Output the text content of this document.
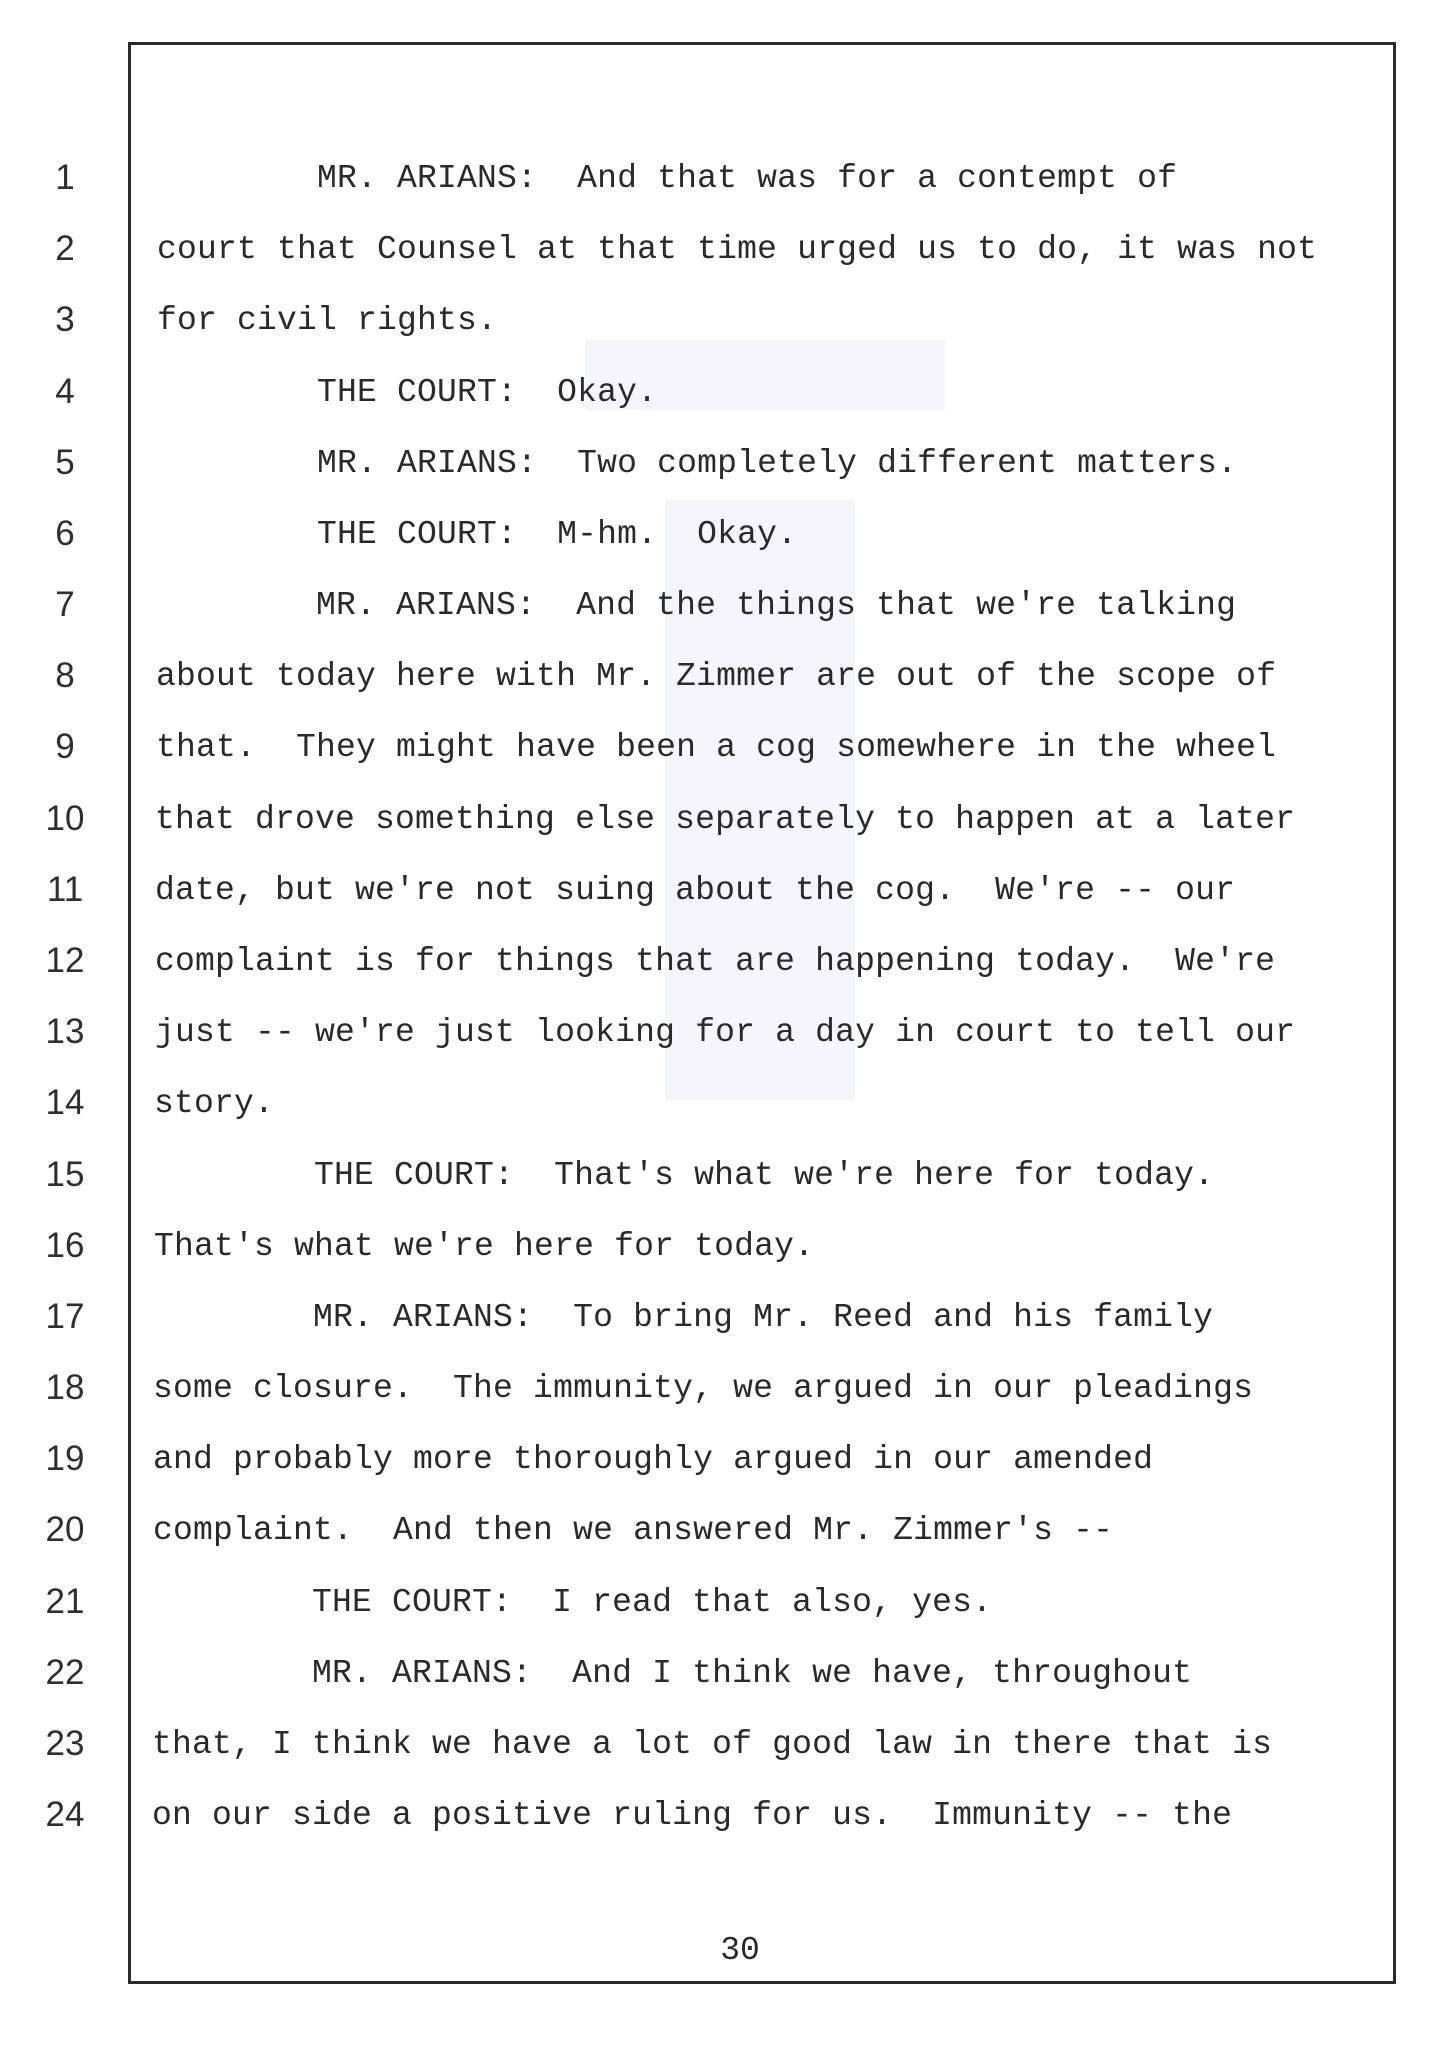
1
2
3
4
5
6
7
8
9
10
11
12
13
14
15
16
17
18
19
20
21
22
23
24
MR. ARIANS:  And that was for a contempt of
court that Counsel at that time urged us to do, it was not
for civil rights.
THE COURT:  Okay.
MR. ARIANS:  Two completely different matters.
THE COURT:  M-hm.  Okay.
MR. ARIANS:  And the things that we're talking
about today here with Mr. Zimmer are out of the scope of
that.  They might have been a cog somewhere in the wheel
that drove something else separately to happen at a later
date, but we're not suing about the cog.  We're -- our
complaint is for things that are happening today.  We're
just -- we're just looking for a day in court to tell our
story.
THE COURT:  That's what we're here for today.
That's what we're here for today.
MR. ARIANS:  To bring Mr. Reed and his family
some closure.  The immunity, we argued in our pleadings
and probably more thoroughly argued in our amended
complaint.  And then we answered Mr. Zimmer's --
THE COURT:  I read that also, yes.
MR. ARIANS:  And I think we have, throughout
that, I think we have a lot of good law in there that is
on our side a positive ruling for us.  Immunity -- the
30
